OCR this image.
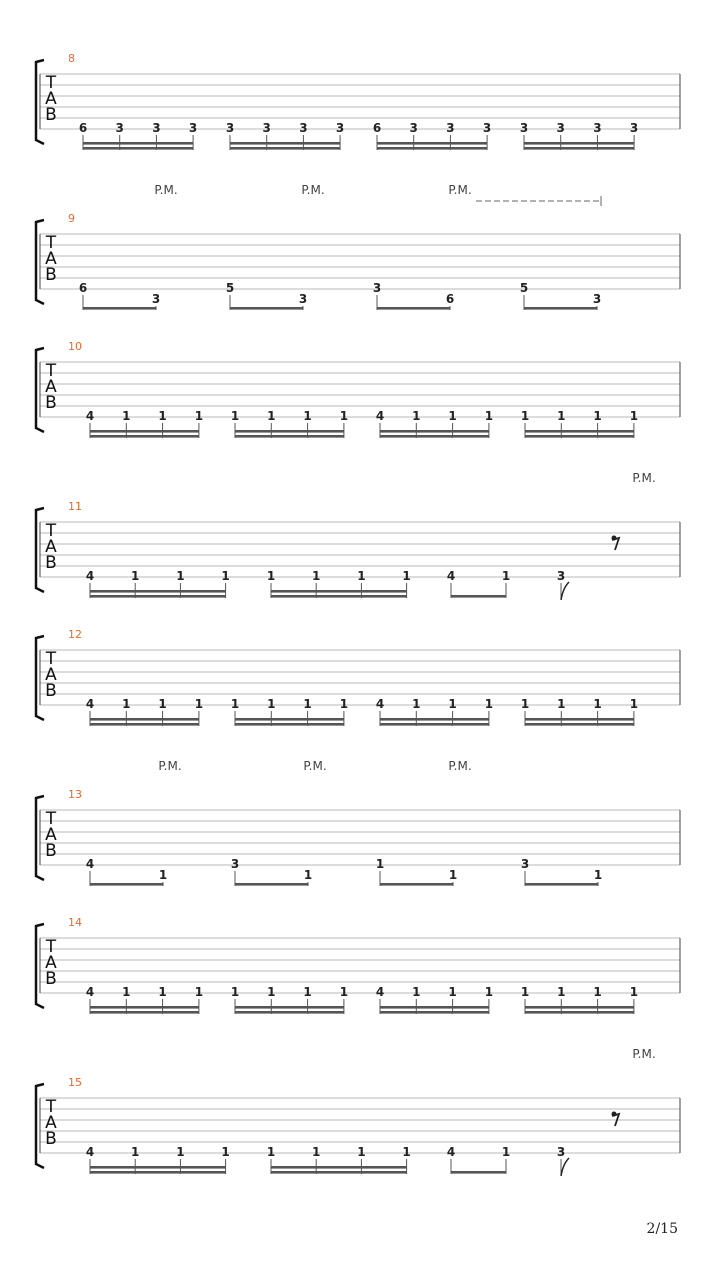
T
A
B
8
6 3 3 3 3 3 3 3 6 3 3 3 3 3 3 3
T
A
B
9
6
3
5
3
3
6
5
3
P.M.	P.M.	P.M.
T
A
B
10
4 1 1 1 1 1 1 1 4 1 1 1 1 1 1 1
T
A
B
11
4	1	1	1	1	1	1	1	4	1	3
P.M.
T
A
B
12
4 1 1 1 1 1 1 1 4 1 1 1 1 1 1 1
T
A
B
13
4
1
3
1
1
1
3
1
P.M.	P.M.	P.M.
T
A
B
14
4 1 1 1 1 1 1 1 4 1 1 1 1 1 1 1
T
A
B
15
4	1	1	1	1	1	1	1	4	1	3
P.M.
2/15
